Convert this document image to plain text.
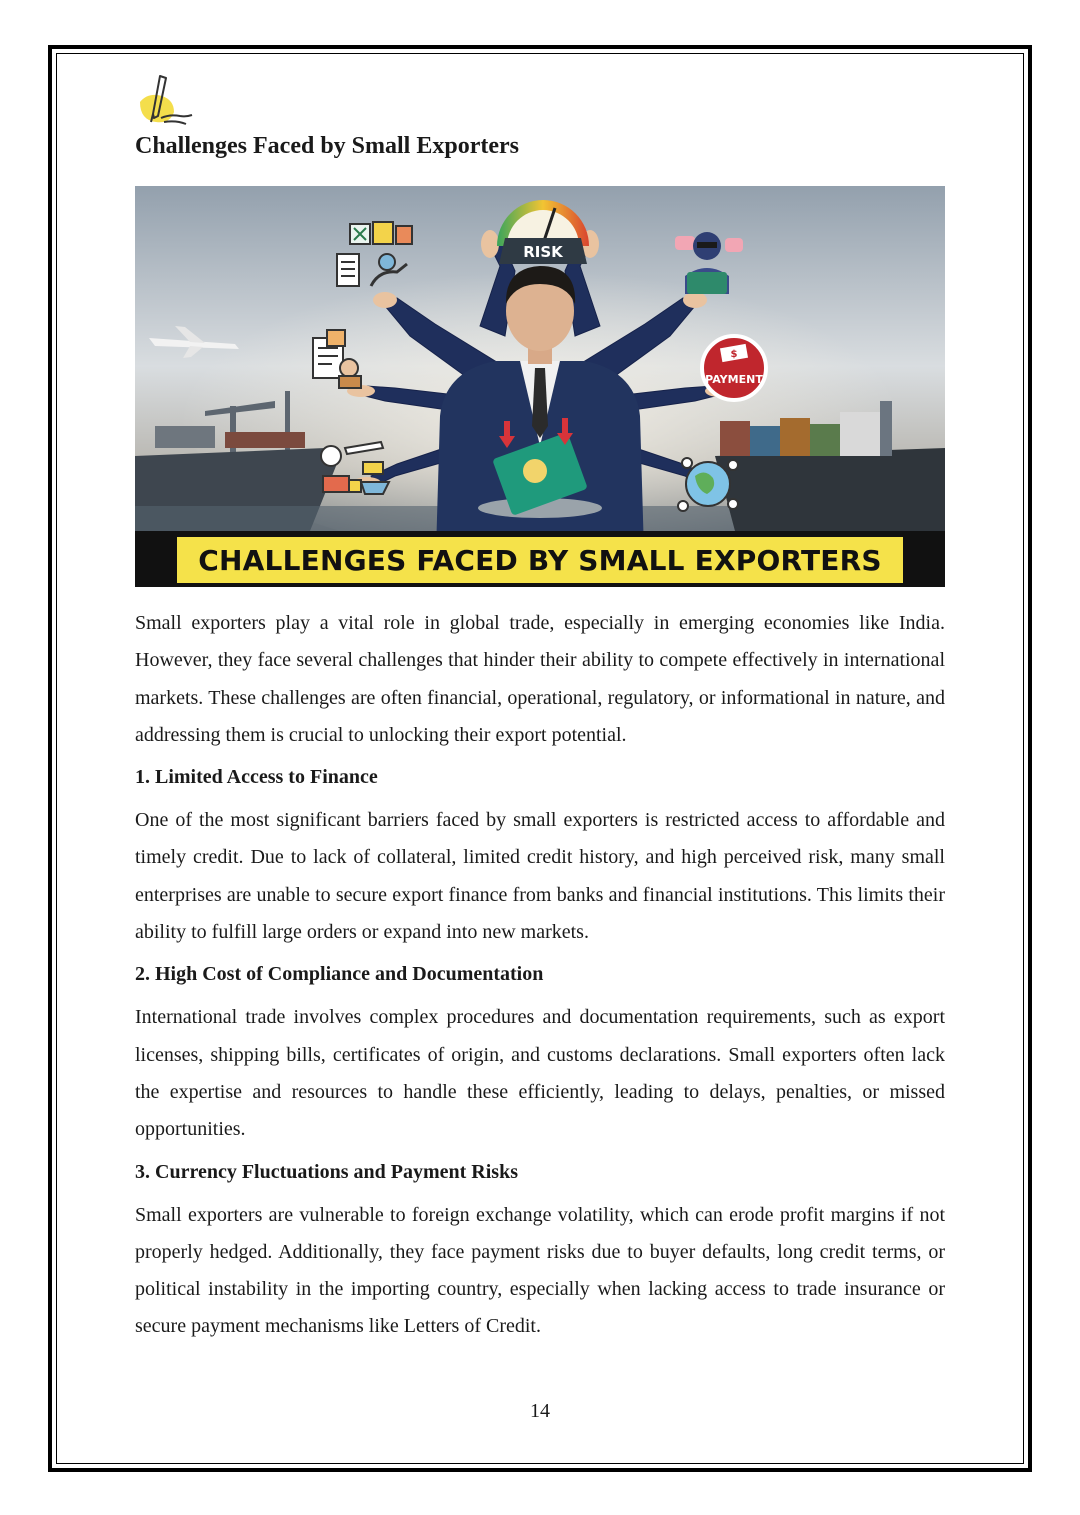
Challenges Faced by Small Exporters
RISK
$
PAYMENT
CHALLENGES FACED BY SMALL EXPORTERS

Small exporters play a vital role in global trade, especially in emerging economies like India. However, they face several challenges that hinder their ability to compete effectively in international markets. These challenges are often financial, operational, regulatory, or informational in nature, and addressing them is crucial to unlocking their export potential.

1. Limited Access to Finance

One of the most significant barriers faced by small exporters is restricted access to affordable and timely credit. Due to lack of collateral, limited credit history, and high perceived risk, many small enterprises are unable to secure export finance from banks and financial institutions. This limits their ability to fulfill large orders or expand into new markets.

2. High Cost of Compliance and Documentation

International trade involves complex procedures and documentation requirements, such as export licenses, shipping bills, certificates of origin, and customs declarations. Small exporters often lack the expertise and resources to handle these efficiently, leading to delays, penalties, or missed opportunities.

3. Currency Fluctuations and Payment Risks

Small exporters are vulnerable to foreign exchange volatility, which can erode profit margins if not properly hedged. Additionally, they face payment risks due to buyer defaults, long credit terms, or political instability in the importing country, especially when lacking access to trade insurance or secure payment mechanisms like Letters of Credit.

14
